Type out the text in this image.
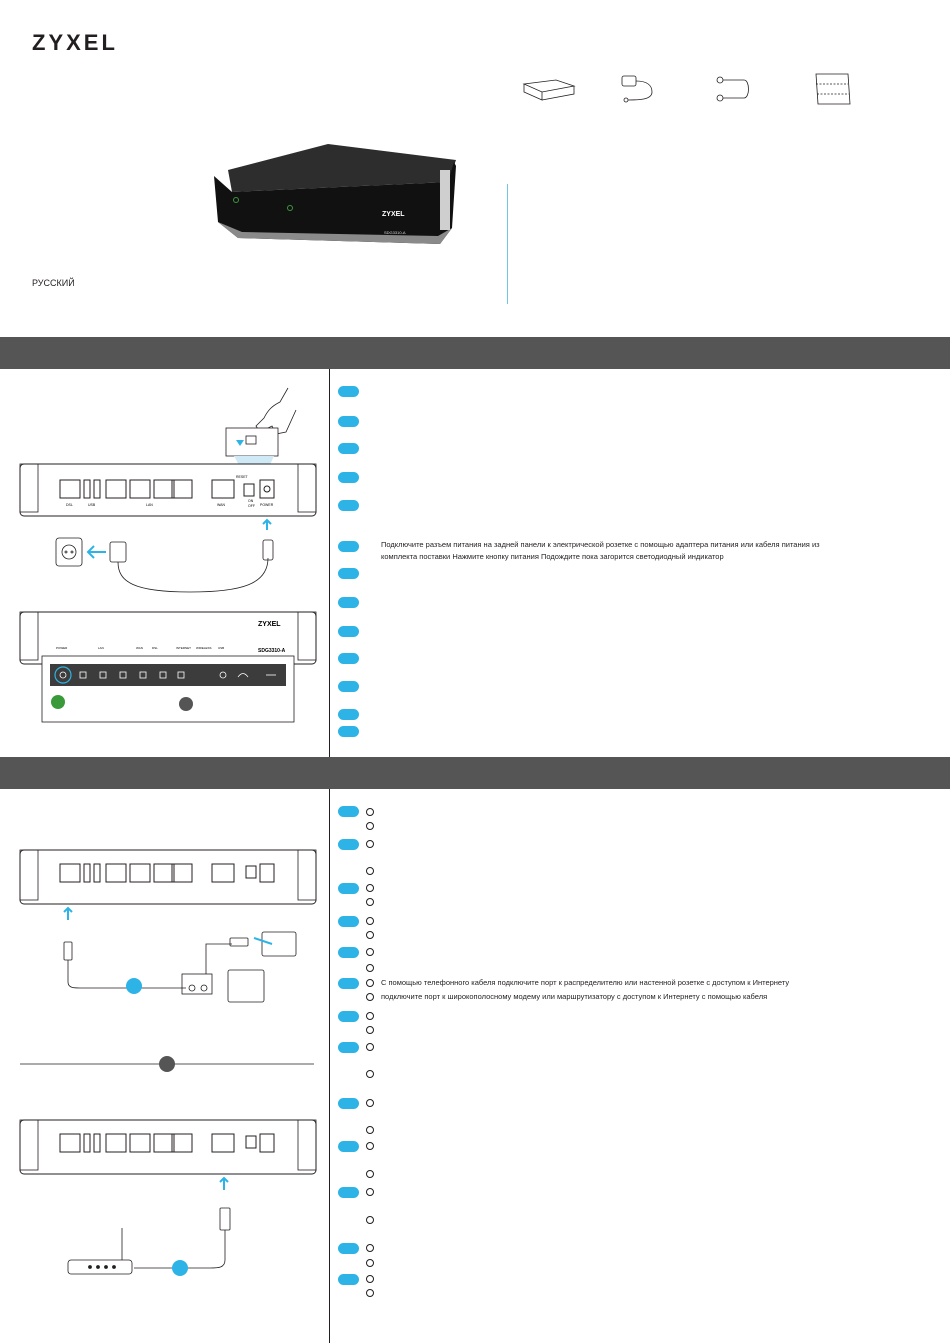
ZYXEL
ZYXEL
SDG3310-A
РУССКИЙ
DSL	USB	LAN	WAN
RESET
ON
OFF POWER
ZYXEL
SDG3310-A
POWER	LAN	WAN	DSL	INTERNET WIRELESS USB
Подключите разъем питания на задней панели к электрической розетке с помощью адаптера питания или кабеля питания из
комплекта поставки Нажмите кнопку питания Подождите пока загорится светодиодный индикатор
С помощью телефонного кабеля подключите порт к распределителю или настенной розетке с доступом к Интернету
подключите порт к широкополосному модему или маршрутизатору с доступом к Интернету с помощью кабеля
